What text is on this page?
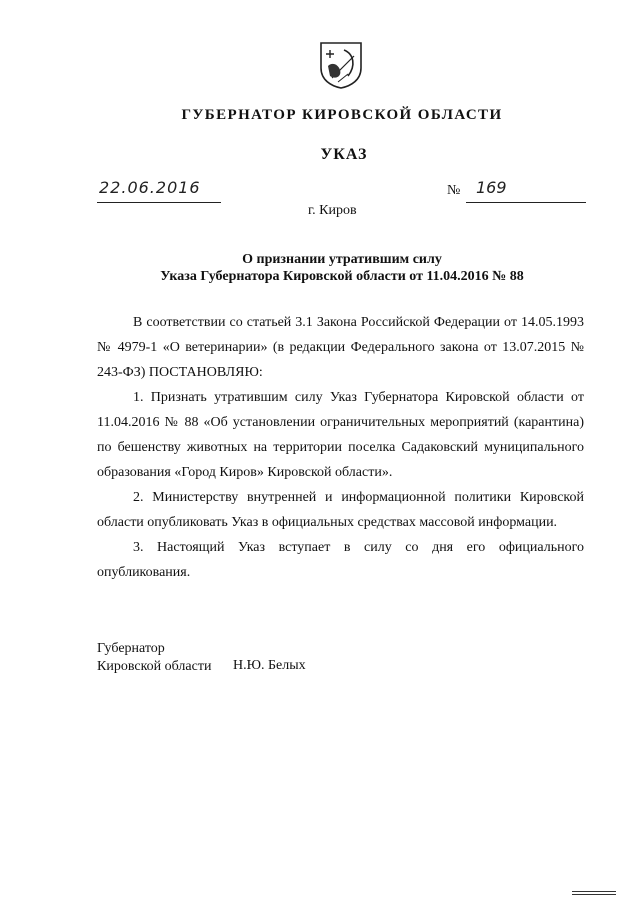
ГУБЕРНАТОР КИРОВСКОЙ ОБЛАСТИ
УКАЗ
22.06.2016	№ 169
г. Киров
О признании утратившим силу
Указа Губернатора Кировской области от 11.04.2016 № 88

В соответствии со статьей 3.1 Закона Российской Федерации от 14.05.1993 № 4979-1 «О ветеринарии» (в редакции Федерального закона от 13.07.2015 № 243-ФЗ) ПОСТАНОВЛЯЮ:

1. Признать утратившим силу Указ Губернатора Кировской области от 11.04.2016 № 88 «Об установлении ограничительных мероприятий (карантина) по бешенству животных на территории поселка Садаковский муниципального образования «Город Киров» Кировской области».

2. Министерству внутренней и информационной политики Кировской области опубликовать Указ в официальных средствах массовой информации.

3. Настоящий Указ вступает в силу со дня его официального опубликования.

Губернатор
Кировской области Н.Ю. Белых
